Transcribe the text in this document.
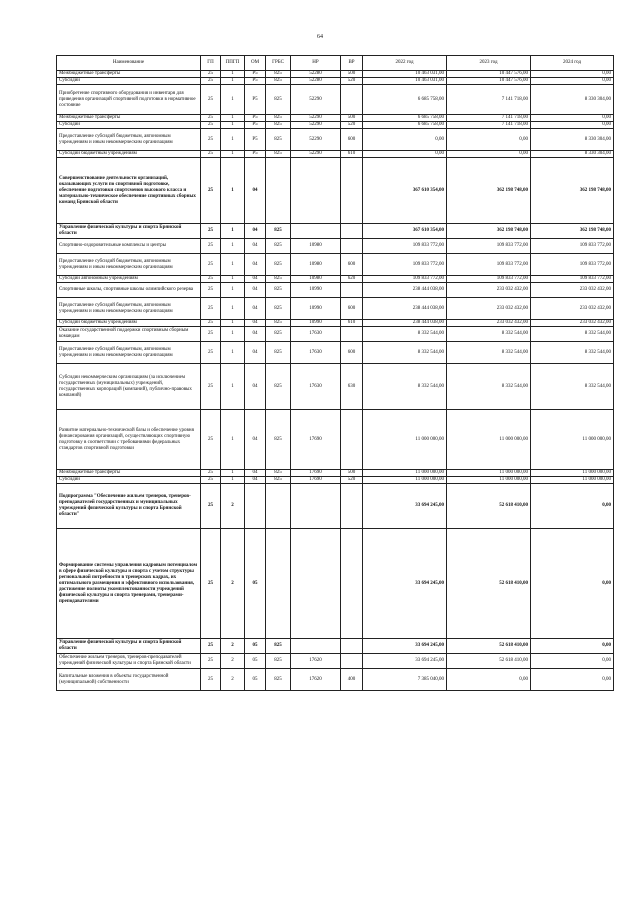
64
Наименование	ГП	ППГП	ОМ	ГРБС	НР	ВР	2022 год	2023 год	2024 год
Межбюджетные трансферты	25	1	P5	825	52280	500	10 463 031,00	10 447 576,00	0,00
Субсидии	25	1	P5	825	52280	520	10 463 031,00	10 447 576,00	0,00
Приобретение спортивного оборудования и инвентаря для приведения организаций спортивной подготовки в нормативное состояние	25	1	P5	825	52290		6 685 758,00	7 141 718,00	8 330 304,00
Межбюджетные трансферты	25	1	P5	825	52290	500	6 685 758,00	7 141 718,00	0,00
Субсидии	25	1	P5	825	52290	520	6 685 758,00	7 141 718,00	0,00
Предоставление субсидий бюджетным, автономным учреждениям и иным некоммерческим организациям	25	1	P5	825	52290	600	0,00	0,00	8 330 304,00
Субсидии бюджетным учреждениям	25	1	P5	825	52290	610	0,00	0,00	8 330 304,00
Совершенствование деятельности организаций, оказывающих услуги по спортивной подготовке, обеспечение подготовки спортсменов высокого класса и материально-техническое обеспечение спортивных сборных команд Брянской области	25	1	04				367 610 354,00	362 198 748,00	362 198 748,00
Управление физической культуры и спорта Брянской области	25	1	04	825			367 610 354,00	362 198 748,00	362 198 748,00
Спортивно-оздоровительные комплексы и центры	25	1	04	825	10980		109 833 772,00	109 833 772,00	109 833 772,00
Предоставление субсидий бюджетным, автономным учреждениям и иным некоммерческим организациям	25	1	04	825	10980	600	109 833 772,00	109 833 772,00	109 833 772,00
Субсидии автономным учреждениям	25	1	04	825	10980	620	109 833 772,00	109 833 772,00	109 833 772,00
Спортивные школы, спортивные школы олимпийского резерва	25	1	04	825	10990		238 444 038,00	233 032 432,00	233 032 432,00
Предоставление субсидий бюджетным, автономным учреждениям и иным некоммерческим организациям	25	1	04	825	10990	600	238 444 038,00	233 032 432,00	233 032 432,00
Субсидии бюджетным учреждениям	25	1	04	825	10990	610	238 444 038,00	233 032 432,00	233 032 432,00
Оказание государственной поддержки спортивным сборным командам	25	1	04	825	17630		8 332 544,00	8 332 544,00	8 332 544,00
Предоставление субсидий бюджетным, автономным учреждениям и иным некоммерческим организациям	25	1	04	825	17630	600	8 332 544,00	8 332 544,00	8 332 544,00
Субсидии некоммерческим организациям (за исключением государственных (муниципальных) учреждений, государственных корпораций (компаний), публично-правовых компаний)	25	1	04	825	17630	630	8 332 544,00	8 332 544,00	8 332 544,00
Развитие материально-технической базы и обеспечение уровня финансирования организаций, осуществляющих спортивную подготовку в соответствии с требованиями федеральных стандартов спортивной подготовки	25	1	04	825	17690		11 000 000,00	11 000 000,00	11 000 000,00
Межбюджетные трансферты	25	1	04	825	17690	500	11 000 000,00	11 000 000,00	11 000 000,00
Субсидии	25	1	04	825	17690	520	11 000 000,00	11 000 000,00	11 000 000,00
Подпрограмма "Обеспечение жильем тренеров, тренеров-преподавателей государственных и муниципальных учреждений физической культуры и спорта Брянской области"	25	2					33 694 245,00	52 618 410,00	0,00
Формирование системы управления кадровым потенциалом в сфере физической культуры и спорта с учетом структуры региональной потребности в тренерских кадрах, их оптимального размещения и эффективного использования, достижение полноты укомплектованности учреждений физической культуры и спорта тренерами, тренерами-преподавателями	25	2	05				33 694 245,00	52 618 410,00	0,00
Управление физической культуры и спорта Брянской области	25	2	05	825			33 694 245,00	52 618 410,00	0,00
Обеспечение жильем тренеров, тренеров-преподавателей учреждений физической культуры и спорта Брянской области	25	2	05	825	17620		33 694 245,00	52 618 410,00	0,00
Капитальные вложения в объекты государственной (муниципальной) собственности	25	2	05	825	17620	400	7 385 040,00	0,00	0,00
